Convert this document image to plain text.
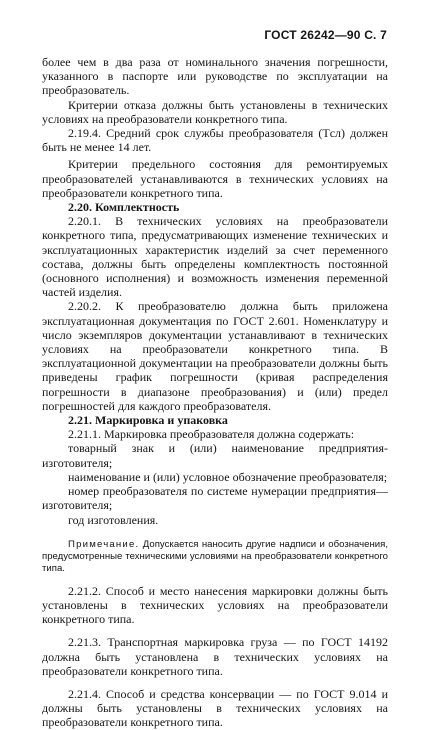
ГОСТ 26242—90 С. 7

более чем в два раза от номинального значения погрешности, указанного в паспорте или руководстве по эксплуатации на преобразователь.

Критерии отказа должны быть установлены в технических условиях на преобразователи конкретного типа.

2.19.4. Средний срок службы преобразователя (Tсл) должен быть не менее 14 лет.

Критерии предельного состояния для ремонтируемых преобразователей устанавливаются в технических условиях на преобразователи конкретного типа.

2.20. Комплектность

2.20.1. В технических условиях на преобразователи конкретного типа, предусматривающих изменение технических и эксплуатационных характеристик изделий за счет переменного состава, должны быть определены комплектность постоянной (основного исполнения) и возможность изменения переменной частей изделия.

2.20.2. К преобразователю должна быть приложена эксплуатационная документация по ГОСТ 2.601. Номенклатуру и число экземпляров документации устанавливают в технических условиях на преобразователи конкретного типа. В эксплуатационной документации на преобразователи должны быть приведены график погрешности (кривая распределения погрешности в диапазоне преобразования) и (или) предел погрешностей для каждого преобразователя.

2.21. Маркировка и упаковка

2.21.1. Маркировка преобразователя должна содержать:

товарный знак и (или) наименование предприятия-изготовителя;

наименование и (или) условное обозначение преобразователя;

номер преобразователя по системе нумерации предприятия—изготовителя;

год изготовления.

Примечание. Допускается наносить другие надписи и обозначения, предусмотренные техническими условиями на преобразователи конкретного типа.

2.21.2. Способ и место нанесения маркировки должны быть установлены в технических условиях на преобразователи конкретного типа.

2.21.3. Транспортная маркировка груза — по ГОСТ 14192 должна быть установлена в технических условиях на преобразователи конкретного типа.

2.21.4. Способ и средства консервации — по ГОСТ 9.014 и должны быть установлены в технических условиях на преобразователи конкретного типа.
